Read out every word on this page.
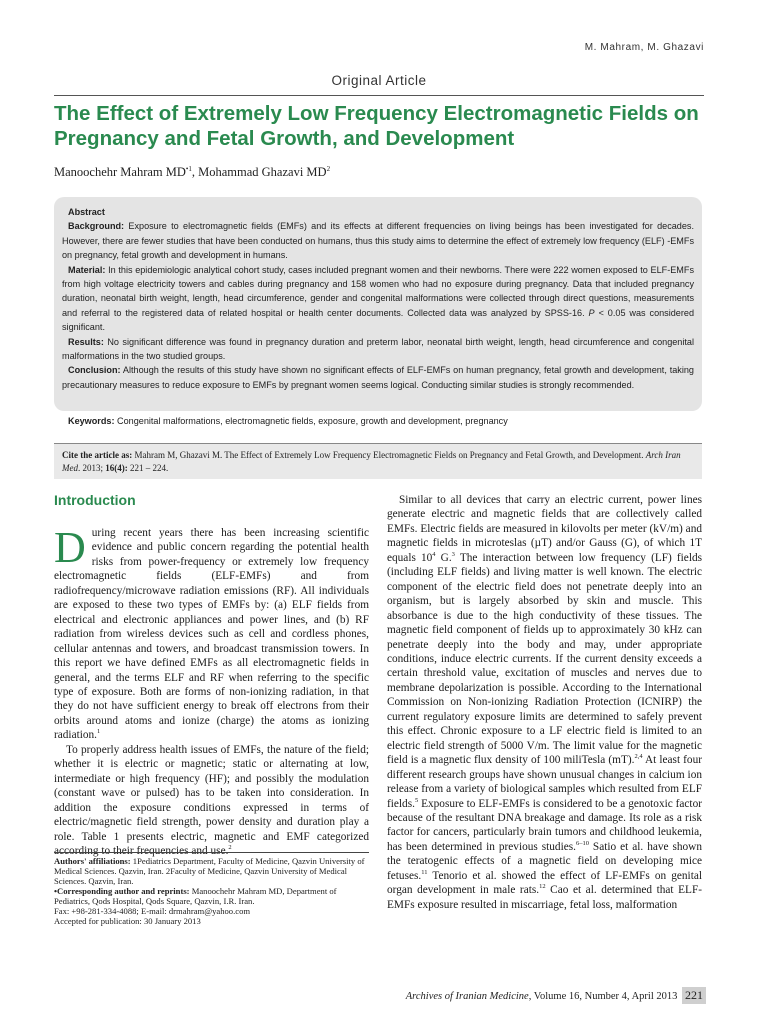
M. Mahram, M. Ghazavi
Original Article
The Effect of Extremely Low Frequency Electromagnetic Fields on Pregnancy and Fetal Growth, and Development
Manoochehr Mahram $MD^{•1}$, Mohammad Ghazavi $MD^2$
Abstract

Background: Exposure to electromagnetic fields (EMFs) and its effects at different frequencies on living beings has been investigated for decades. However, there are fewer studies that have been conducted on humans, thus this study aims to determine the effect of extremely low frequency (ELF) -EMFs on pregnancy, fetal growth and development in humans.

Material: In this epidemiologic analytical cohort study, cases included pregnant women and their newborns. There were 222 women exposed to ELF-EMFs from high voltage electricity towers and cables during pregnancy and 158 women who had no exposure during pregnancy. Data that included pregnancy duration, neonatal birth weight, length, head circumference, gender and congenital malformations were collected through direct questions, measurements and referral to the registered data of related hospital or health center documents. Collected data was analyzed by SPSS-16. P < 0.05 was considered significant.

Results: No significant difference was found in pregnancy duration and preterm labor, neonatal birth weight, length, head circumference and congenital malformations in the two studied groups.

Conclusion: Although the results of this study have shown no significant effects of ELF-EMFs on human pregnancy, fetal growth and development, taking precautionary measures to reduce exposure to EMFs by pregnant women seems logical. Conducting similar studies is strongly recommended.

Keywords: Congenital malformations, electromagnetic fields, exposure, growth and development, pregnancy
Cite the article as: Mahram M, Ghazavi M. The Effect of Extremely Low Frequency Electromagnetic Fields on Pregnancy and Fetal Growth, and Development. Arch Iran Med. 2013; 16(4): 221 – 224.
Introduction

During recent years there has been increasing scientific evidence and public concern regarding the potential health risks from power-frequency or extremely low frequency electromagnetic fields (ELF-EMFs) and from radiofrequency/microwave radiation emissions (RF). All individuals are exposed to these two types of EMFs by: (a) ELF fields from electrical and electronic appliances and power lines, and (b) RF radiation from wireless devices such as cell and cordless phones, cellular antennas and towers, and broadcast transmission towers. In this report we have defined EMFs as all electromagnetic fields in general, and the terms ELF and RF when referring to the specific type of exposure. Both are forms of non-ionizing radiation, in that they do not have sufficient energy to break off electrons from their orbits around atoms and ionize (charge) the atoms as ionizing radiation.$^1$

To properly address health issues of EMFs, the nature of the field; whether it is electric or magnetic; static or alternating at low, intermediate or high frequency (HF); and possibly the modulation (constant wave or pulsed) has to be taken into consideration. In addition the exposure conditions expressed in terms of electric/magnetic field strength, power density and duration play a role. Table 1 presents electric, magnetic and EMF categorized according to their frequencies and use.$^2$

Authors' affiliations: 1Pediatrics Department, Faculty of Medicine, Qazvin University of Medical Sciences. Qazvin, Iran. 2Faculty of Medicine, Qazvin University of Medical Sciences. Qazvin, Iran.

•Corresponding author and reprints: Manoochehr Mahram MD, Department of Pediatrics, Qods Hospital, Qods Square, Qazvin, I.R. Iran.

Fax: +98-281-334-4088; E-mail: drmahram@yahoo.com

Accepted for publication: 30 January 2013

Similar to all devices that carry an electric current, power lines generate electric and magnetic fields that are collectively called EMFs. Electric fields are measured in kilovolts per meter (kV/m) and magnetic fields in microteslas (µT) and/or Gauss (G), of which 1T equals $10^4$ G.$^3$ The interaction between low frequency (LF) fields (including ELF fields) and living matter is well known. The electric component of the electric field does not penetrate deeply into an organism, but is largely absorbed by skin and muscle. This absorbance is due to the high conductivity of these tissues. The magnetic field component of fields up to approximately 30 kHz can penetrate deeply into the body and may, under appropriate conditions, induce electric currents. If the current density exceeds a certain threshold value, excitation of muscles and nerves due to membrane depolarization is possible. According to the International Commission on Non-ionizing Radiation Protection (ICNIRP) the current regulatory exposure limits are determined to safely prevent this effect. Chronic exposure to a LF electric field is limited to an electric field strength of 5000 V/m. The limit value for the magnetic field is a magnetic flux density of 100 miliTesla (mT).$^{2,4}$ At least four different research groups have shown unusual changes in calcium ion release from a variety of biological samples which resulted from ELF fields.$^5$ Exposure to ELF-EMFs is considered to be a genotoxic factor because of the resultant DNA breakage and damage. Its role as a risk factor for cancers, particularly brain tumors and childhood leukemia, has been determined in previous studies.$^{6-10}$ Satio et al. have shown the teratogenic effects of a magnetic field on developing mice fetuses.$^{11}$ Tenorio et al. showed the effect of LF-EMFs on genital organ development in male rats.$^{12}$ Cao et al. determined that ELF-EMFs exposure resulted in miscarriage, fetal loss, malformation

Archives of Iranian Medicine, Volume 16, Number 4, April 2013 221
